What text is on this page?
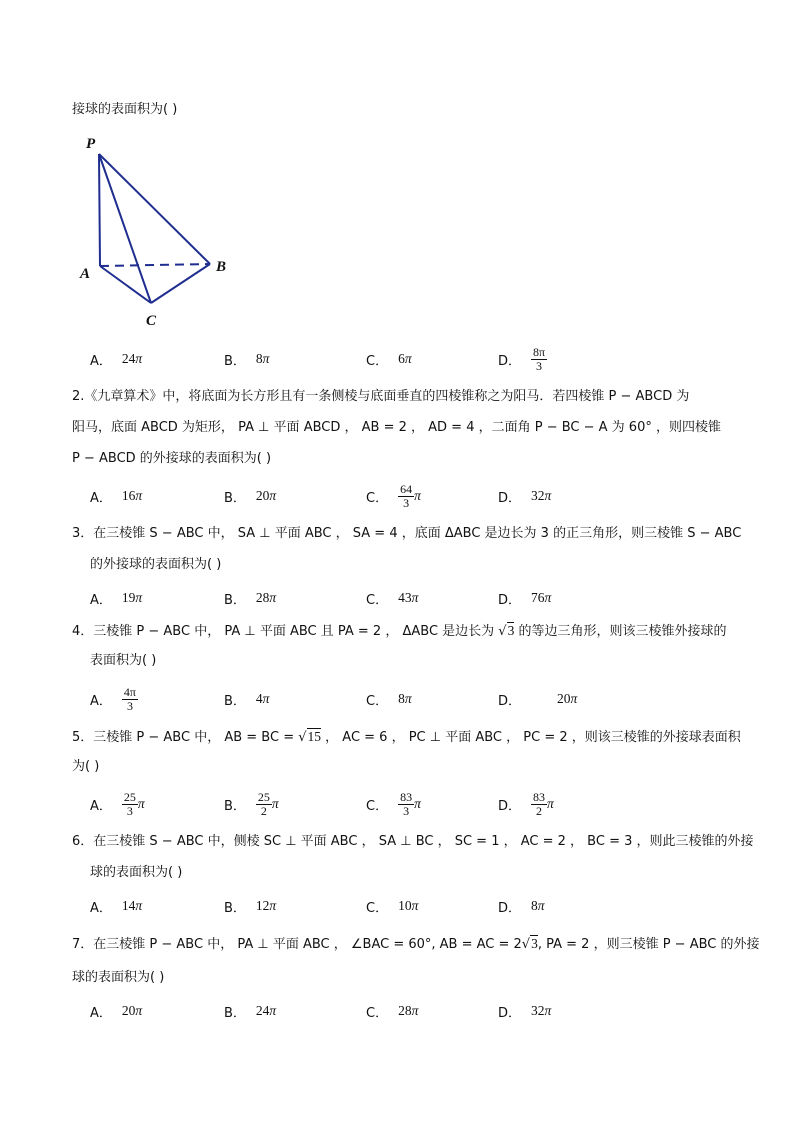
接球的表面积为( )
P
A	B
C
A． 24 π	B． 8 π	C． 6 π	D． $\frac{8\pi}{3}$
2.《九章算术》中，将底面为长方形且有一条侧棱与底面垂直的四棱锥称之为阳马．若四棱锥 P − ABCD 为
阳马，底面 ABCD 为矩形， PA ⊥ 平面 ABCD ， AB = 2 ， AD = 4 ，二面角 P − BC − A 为 60° ，则四棱锥
P − ABCD 的外接球的表面积为( )
A． 16 π	B． 20 π	C． $\frac{64}{3}$ π	D． 32 π
3．在三棱锥 S − ABC 中， SA ⊥ 平面 ABC ， SA = 4 ，底面 ΔABC 是边长为 3 的正三角形，则三棱锥 S − ABC
的外接球的表面积为( )
A． 19 π	B． 28 π	C． 43 π	D． 76 π
4．三棱锥 P − ABC 中， PA ⊥ 平面 ABC 且 PA = 2 ， ΔABC 是边长为 √3 的等边三角形，则该三棱锥外接球的
表面积为( )
A． $\frac{4\pi}{3}$	B． 4 π	C． 8 π	D．	20 π
5．三棱锥 P − ABC 中， AB = BC = √15 ， AC = 6 ， PC ⊥ 平面 ABC ， PC = 2 ，则该三棱锥的外接球表面积
为( )
A． $\frac{25}{3}$ π	B． $\frac{25}{2}$ π	C． $\frac{83}{3}$ π	D． $\frac{83}{2}$ π
6．在三棱锥 S − ABC 中，侧棱 SC ⊥ 平面 ABC ， SA ⊥ BC ， SC = 1 ， AC = 2 ， BC = 3 ，则此三棱锥的外接
球的表面积为( )
A． 14 π	B． 12 π	C． 10 π	D． 8 π
7．在三棱锥 P − ABC 中， PA ⊥ 平面 ABC ， ∠BAC = 60°, AB = AC = 2√3, PA = 2 ，则三棱锥 P − ABC 的外接
球的表面积为( )
A． 20 π	B． 24 π	C． 28 π	D． 32 π
